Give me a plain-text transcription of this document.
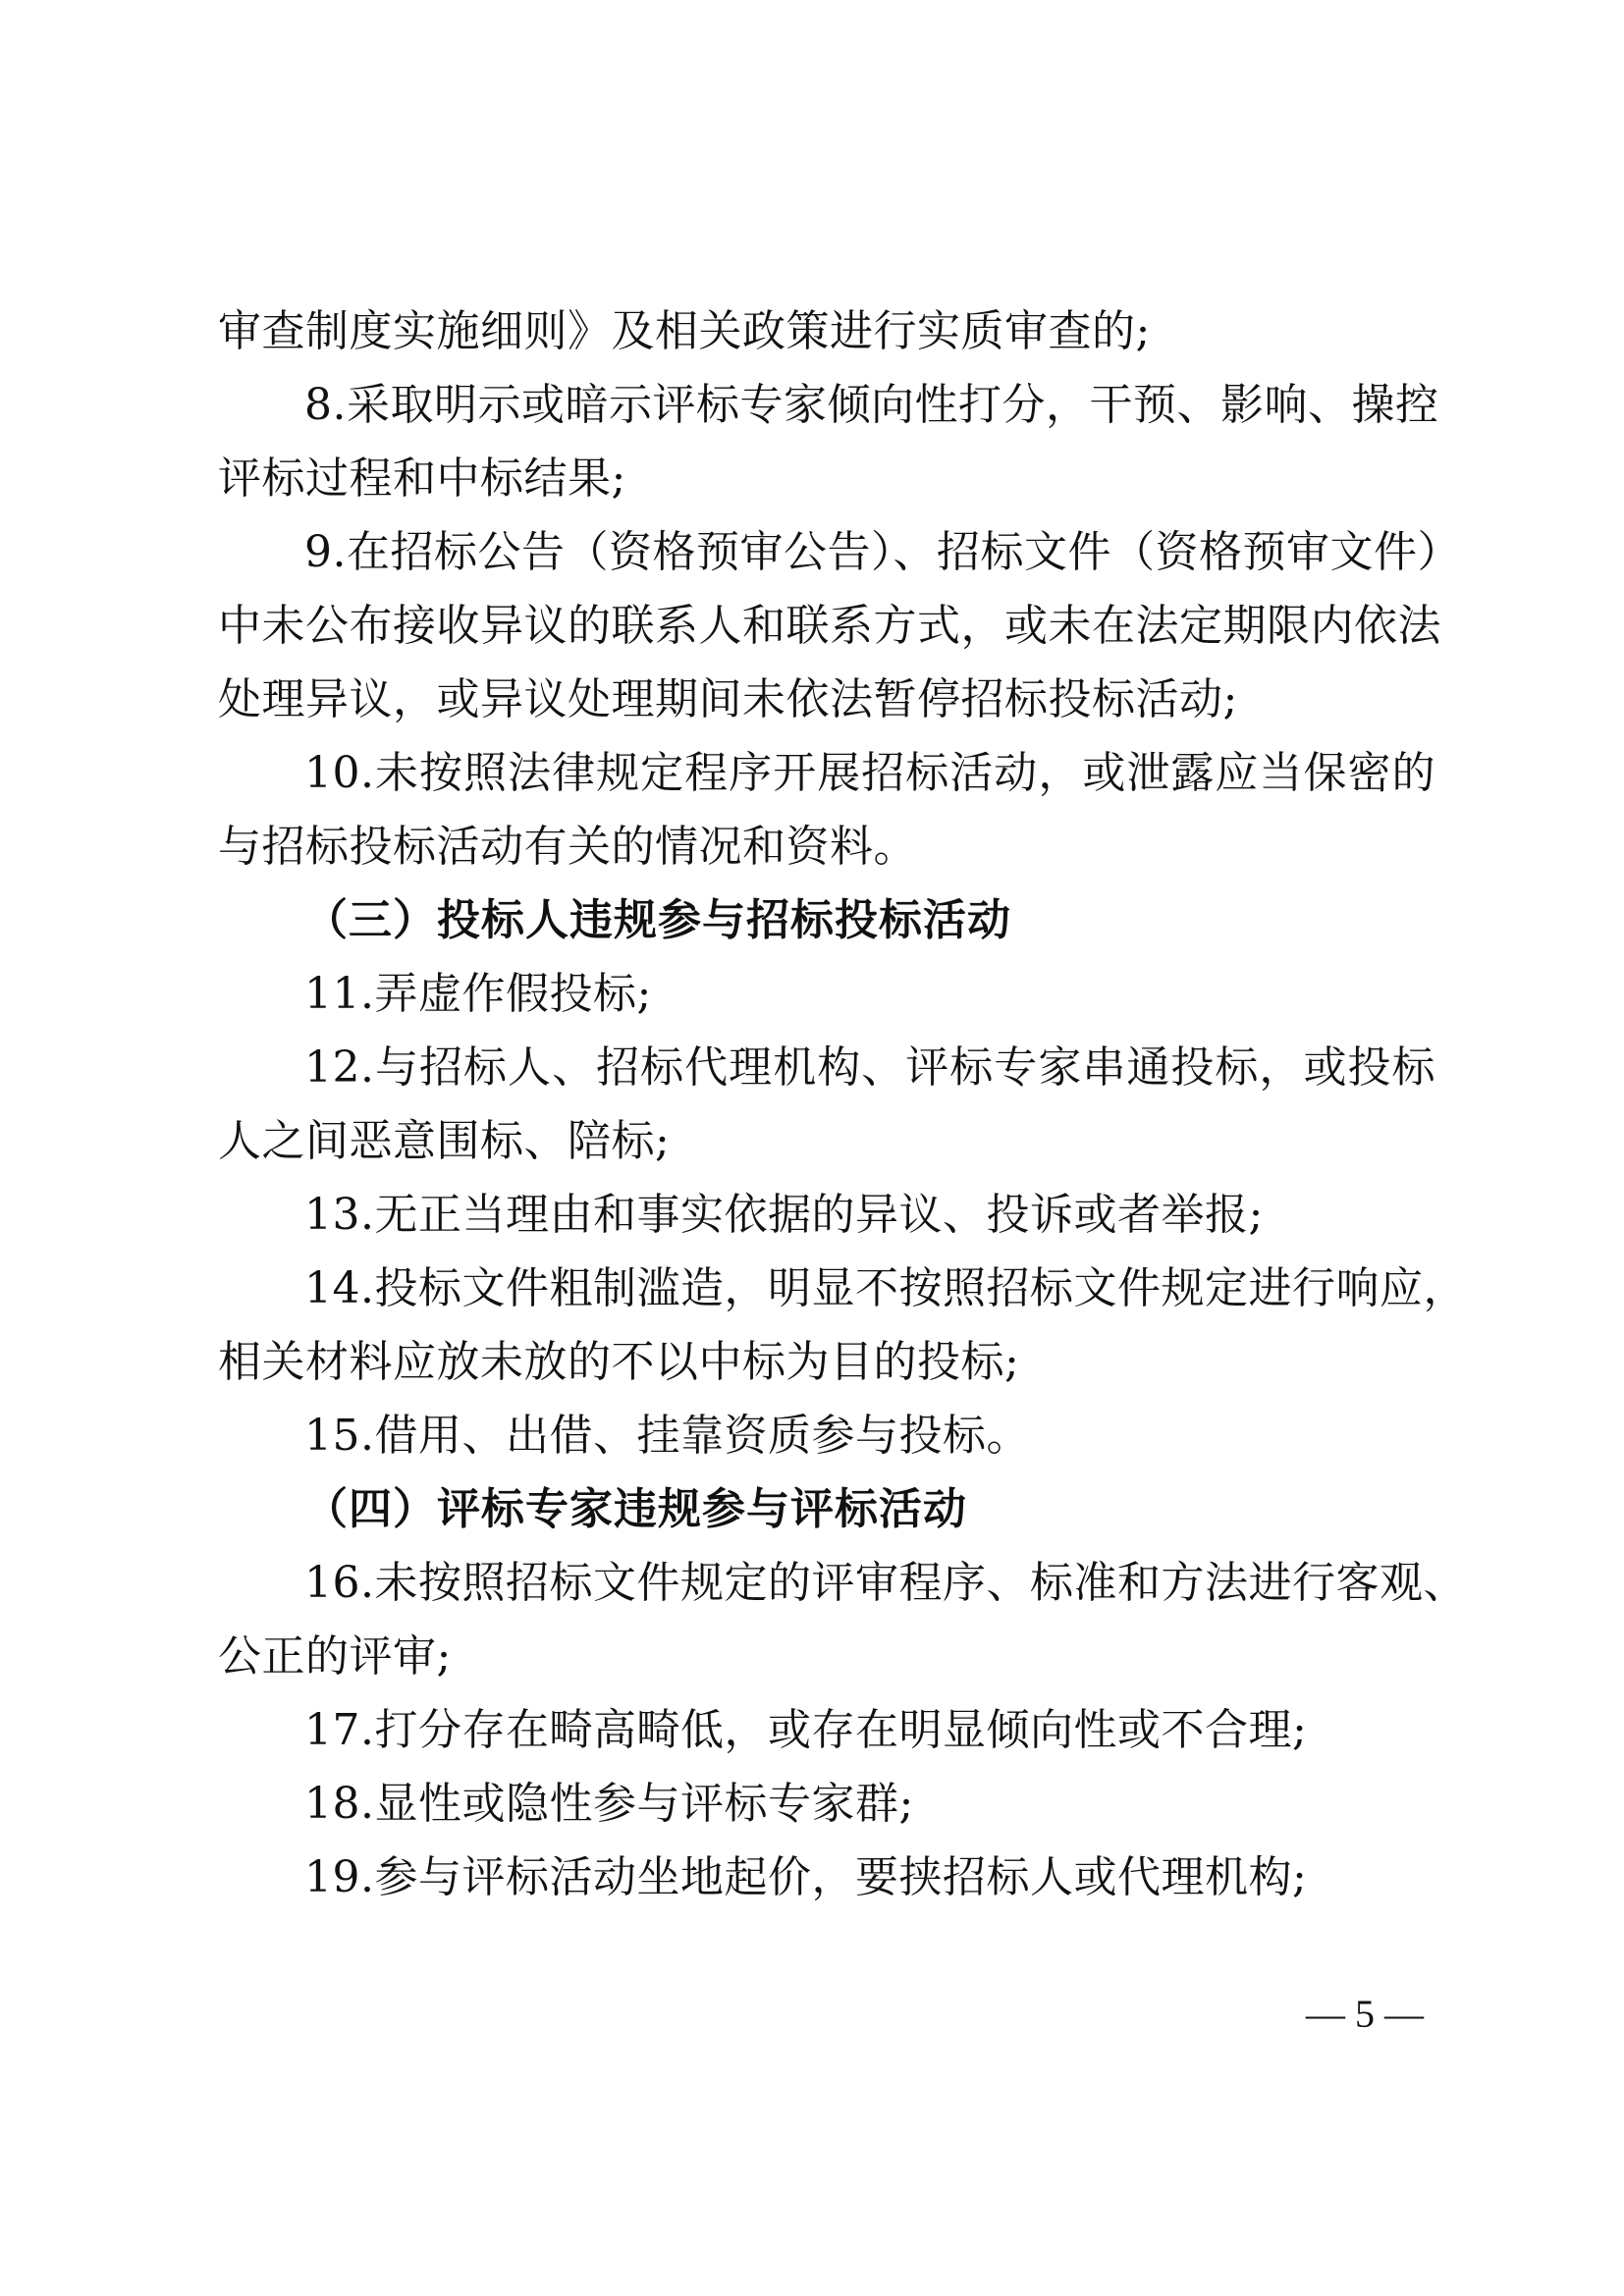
审查制度实施细则》及相关政策进行实质审查的;
8.采取明示或暗示评标专家倾向性打分，干预、影响、操控
评标过程和中标结果;
9.在招标公告（资格预审公告）、招标文件（资格预审文件）
中未公布接收异议的联系人和联系方式，或未在法定期限内依法
处理异议，或异议处理期间未依法暂停招标投标活动;
10.未按照法律规定程序开展招标活动，或泄露应当保密的
与招标投标活动有关的情况和资料。
（三）投标人违规参与招标投标活动
11.弄虚作假投标;
12.与招标人、招标代理机构、评标专家串通投标，或投标
人之间恶意围标、陪标;
13.无正当理由和事实依据的异议、投诉或者举报;
14.投标文件粗制滥造，明显不按照招标文件规定进行响应，
相关材料应放未放的不以中标为目的投标;
15.借用、出借、挂靠资质参与投标。
（四）评标专家违规参与评标活动
16.未按照招标文件规定的评审程序、标准和方法进行客观、
公正的评审;
17.打分存在畸高畸低，或存在明显倾向性或不合理;
18.显性或隐性参与评标专家群;
19.参与评标活动坐地起价，要挟招标人或代理机构;
— 5 —
